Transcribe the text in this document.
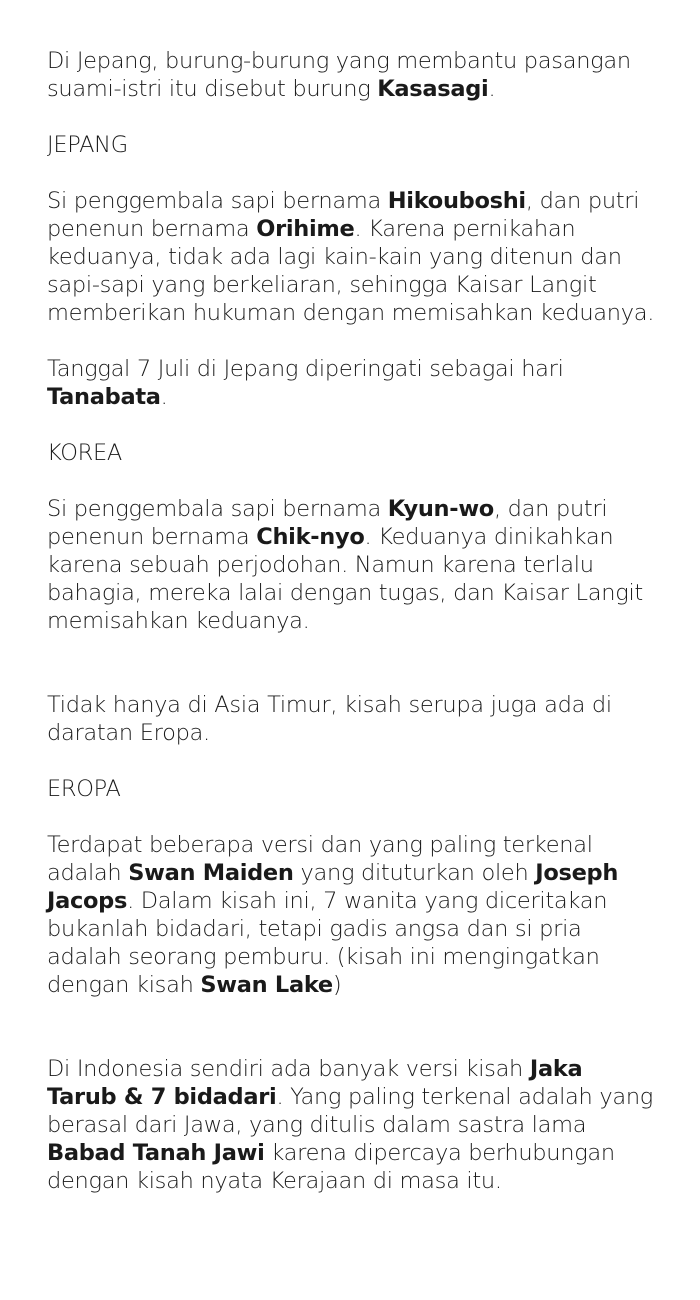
Di Jepang, burung-burung yang membantu pasangan suami-istri itu disebut burung Kasasagi.

JEPANG

Si penggembala sapi bernama Hikouboshi, dan putri penenun bernama Orihime. Karena pernikahan keduanya, tidak ada lagi kain-kain yang ditenun dan sapi-sapi yang berkeliaran, sehingga Kaisar Langit memberikan hukuman dengan memisahkan keduanya.

Tanggal 7 Juli di Jepang diperingati sebagai hari Tanabata.

KOREA

Si penggembala sapi bernama Kyun-wo, dan putri penenun bernama Chik-nyo. Keduanya dinikahkan karena sebuah perjodohan. Namun karena terlalu bahagia, mereka lalai dengan tugas, dan Kaisar Langit memisahkan keduanya.

Tidak hanya di Asia Timur, kisah serupa juga ada di daratan Eropa.

EROPA

Terdapat beberapa versi dan yang paling terkenal adalah Swan Maiden yang dituturkan oleh Joseph Jacops. Dalam kisah ini, 7 wanita yang diceritakan bukanlah bidadari, tetapi gadis angsa dan si pria adalah seorang pemburu. (kisah ini mengingatkan dengan kisah Swan Lake)

Di Indonesia sendiri ada banyak versi kisah Jaka Tarub & 7 bidadari. Yang paling terkenal adalah yang berasal dari Jawa, yang ditulis dalam sastra lama Babad Tanah Jawi karena dipercaya berhubungan dengan kisah nyata Kerajaan di masa itu.
